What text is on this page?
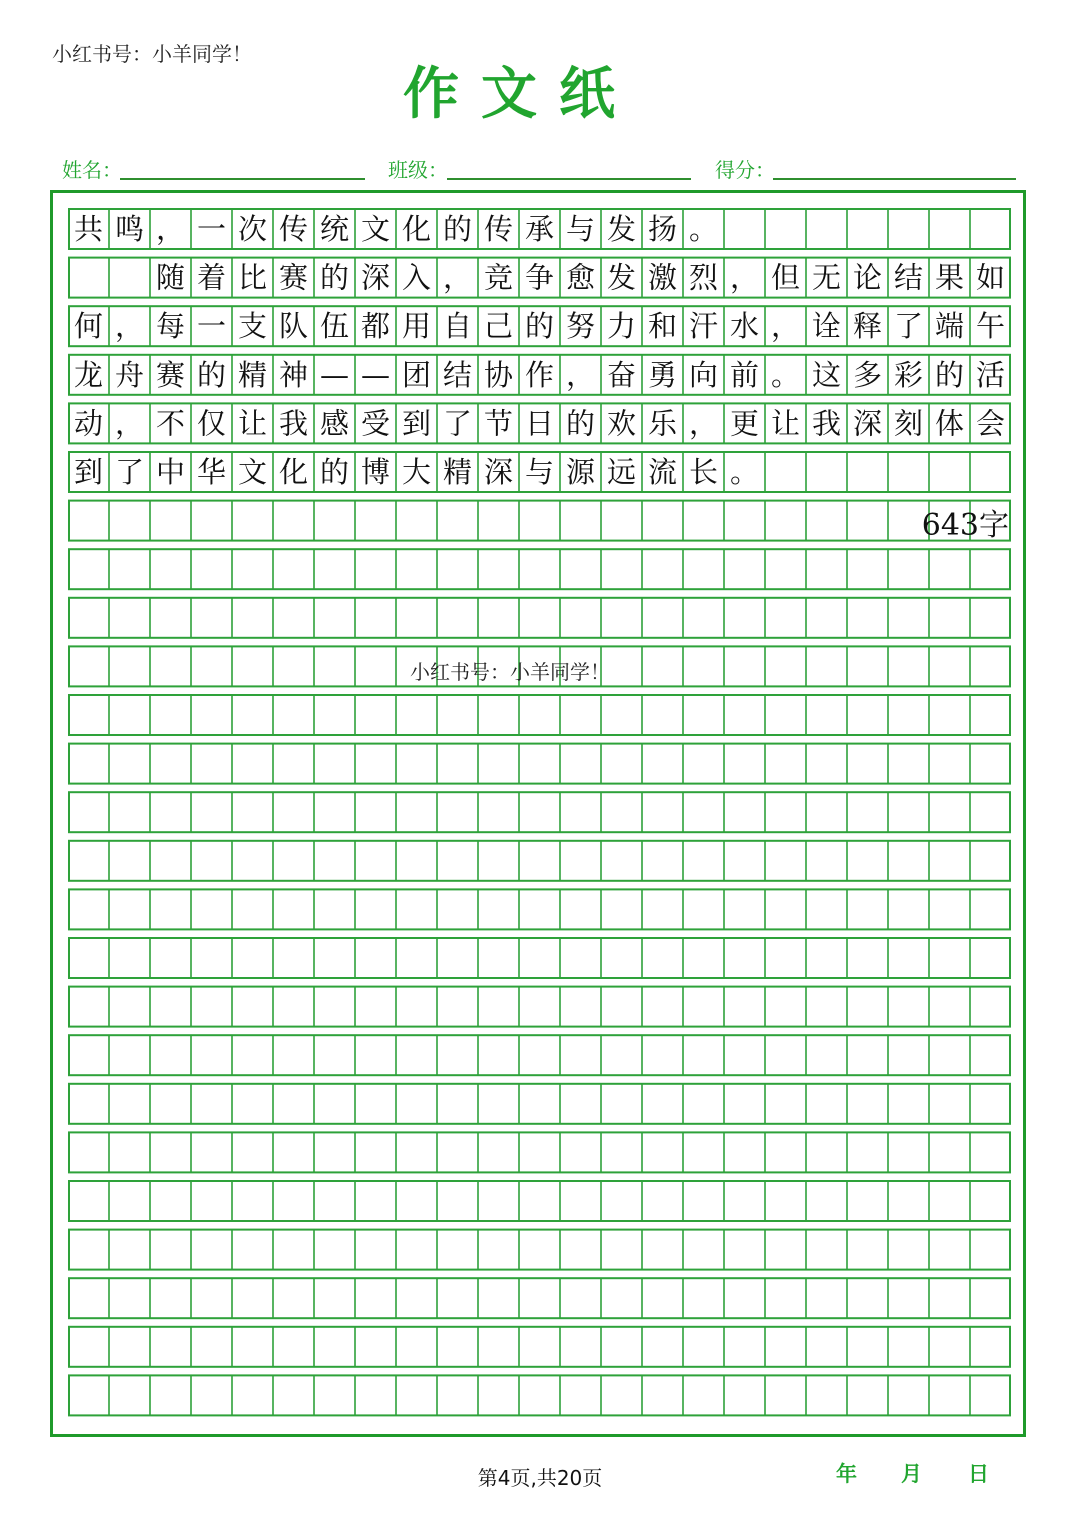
小红书号：小羊同学！
作文纸
姓名：	班级：	得分：
共 鸣 ， 一 次 传 统 文 化 的 传 承 与 发 扬 。

随 着 比 赛 的 深 入 ， 竞 争 愈 发 激 烈 ， 但 无 论 结 果 如
何 ， 每 一 支 队 伍 都 用 自 己 的 努 力 和 汗 水 ， 诠 释 了 端 午
龙 舟 赛 的 精 神 — — 团 结 协 作 ， 奋 勇 向 前 。 这 多 彩 的 活
动 ， 不 仅 让 我 感 受 到 了 节 日 的 欢 乐 ， 更 让 我 深 刻 体 会
到 了 中 华 文 化 的 博 大 精 深 与 源 远 流 长 。
643字
小红书号：小羊同学！
第4页,共20页	年 月 日
